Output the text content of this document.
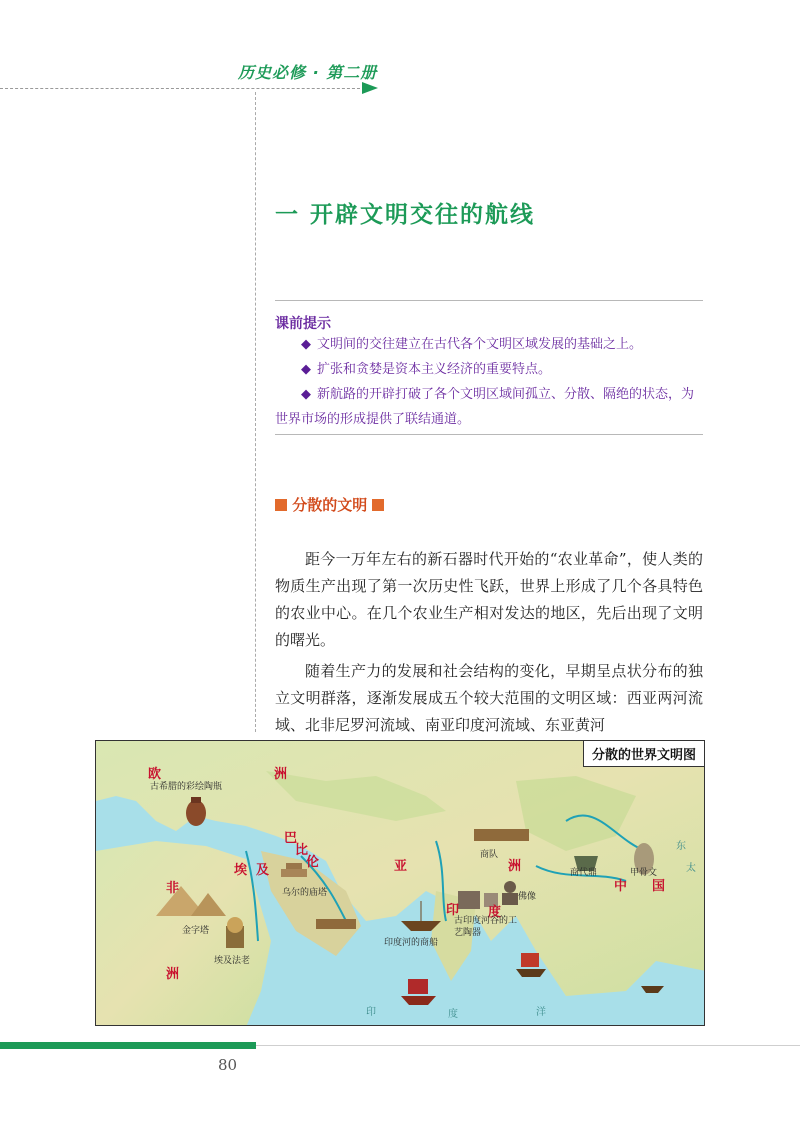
历史必修 · 第二册
一 开辟文明交往的航线
课前提示

◆ 文明间的交往建立在古代各个文明区域发展的基础之上。

◆ 扩张和贪婪是资本主义经济的重要特点。

◆ 新航路的开辟打破了各个文明区域间孤立、分散、隔绝的状态，为世界市场的形成提供了联结通道。

分散的文明

距今一万年左右的新石器时代开始的“农业革命”，使人类的物质生产出现了第一次历史性飞跃，世界上形成了几个各具特色的农业中心。在几个农业生产相对发达的地区，先后出现了文明的曙光。

随着生产力的发展和社会结构的变化，早期呈点状分布的独立文明群落，逐渐发展成五个较大范围的文明区域：西亚两河流域、北非尼罗河流域、南亚印度河流域、东亚黄河

分散的世界文明图
欧	洲
巴
比
伦	亚	洲
非
洲
埃 及
印 度
中 国
古希腊的彩绘陶瓶
商队
乌尔的庙塔
金字塔
埃及法老
印度河的商船
古印度河谷的工艺陶器
佛像
商代鼎	甲骨文
印	度	洋
太
东
80
